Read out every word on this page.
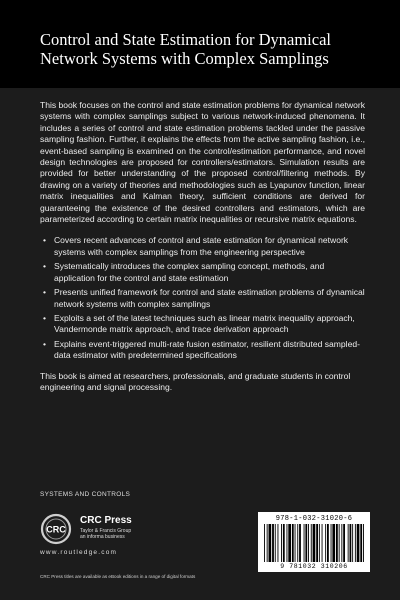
Control and State Estimation for Dynamical Network Systems with Complex Samplings

This book focuses on the control and state estimation problems for dynamical network systems with complex samplings subject to various network-induced phenomena. It includes a series of control and state estimation problems tackled under the passive sampling fashion. Further, it explains the effects from the active sampling fashion, i.e., event-based sampling is examined on the control/estimation performance, and novel design technologies are proposed for controllers/estimators. Simulation results are provided for better understanding of the proposed control/filtering methods. By drawing on a variety of theories and methodologies such as Lyapunov function, linear matrix inequalities and Kalman theory, sufficient conditions are derived for guaranteeing the existence of the desired controllers and estimators, which are parameterized according to certain matrix inequalities or recursive matrix equations.

• Covers recent advances of control and state estimation for dynamical network systems with complex samplings from the engineering perspective
• Systematically introduces the complex sampling concept, methods, and application for the control and state estimation
• Presents unified framework for control and state estimation problems of dynamical network systems with complex samplings
• Exploits a set of the latest techniques such as linear matrix inequality approach, Vandermonde matrix approach, and trace derivation approach
• Explains event-triggered multi-rate fusion estimator, resilient distributed sampled-data estimator with predetermined specifications

This book is aimed at researchers, professionals, and graduate students in control engineering and signal processing.

SYSTEMS AND CONTROLS
CRC
CRC Press
Taylor & Francis Group
an informa business
www.routledge.com
CRC Press titles are available as eBook editions in a range of digital formats
978-1-032-31020-6
9 781032 310206
